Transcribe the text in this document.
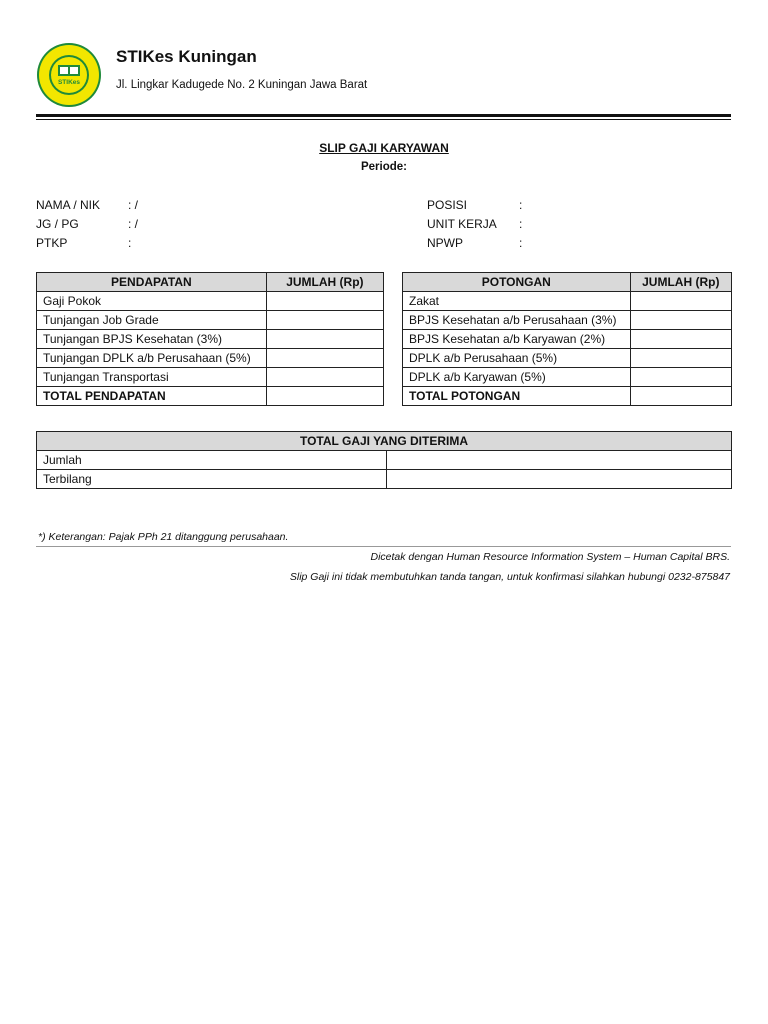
STIKes
STIKes Kuningan
Jl. Lingkar Kadugede No. 2 Kuningan Jawa Barat
SLIP GAJI KARYAWAN
Periode:
NAMA / NIK : /
JG / PG	: /
PTKP	:
POSISI	:
UNIT KERJA :
NPWP	:
PENDAPATAN	JUMLAH (Rp)
Gaji Pokok	
Tunjangan Job Grade	
Tunjangan BPJS Kesehatan (3%)	
Tunjangan DPLK a/b Perusahaan (5%)	
Tunjangan Transportasi	
TOTAL PENDAPATAN	
POTONGAN	JUMLAH (Rp)
Zakat	
BPJS Kesehatan a/b Perusahaan (3%)	
BPJS Kesehatan a/b Karyawan (2%)	
DPLK a/b Perusahaan (5%)	
DPLK a/b Karyawan (5%)	
TOTAL POTONGAN	
TOTAL GAJI YANG DITERIMA	
Jumlah	
Terbilang	
*) Keterangan: Pajak PPh 21 ditanggung perusahaan.
Dicetak dengan Human Resource Information System – Human Capital BRS.
Slip Gaji ini tidak membutuhkan tanda tangan, untuk konfirmasi silahkan hubungi 0232-875847
